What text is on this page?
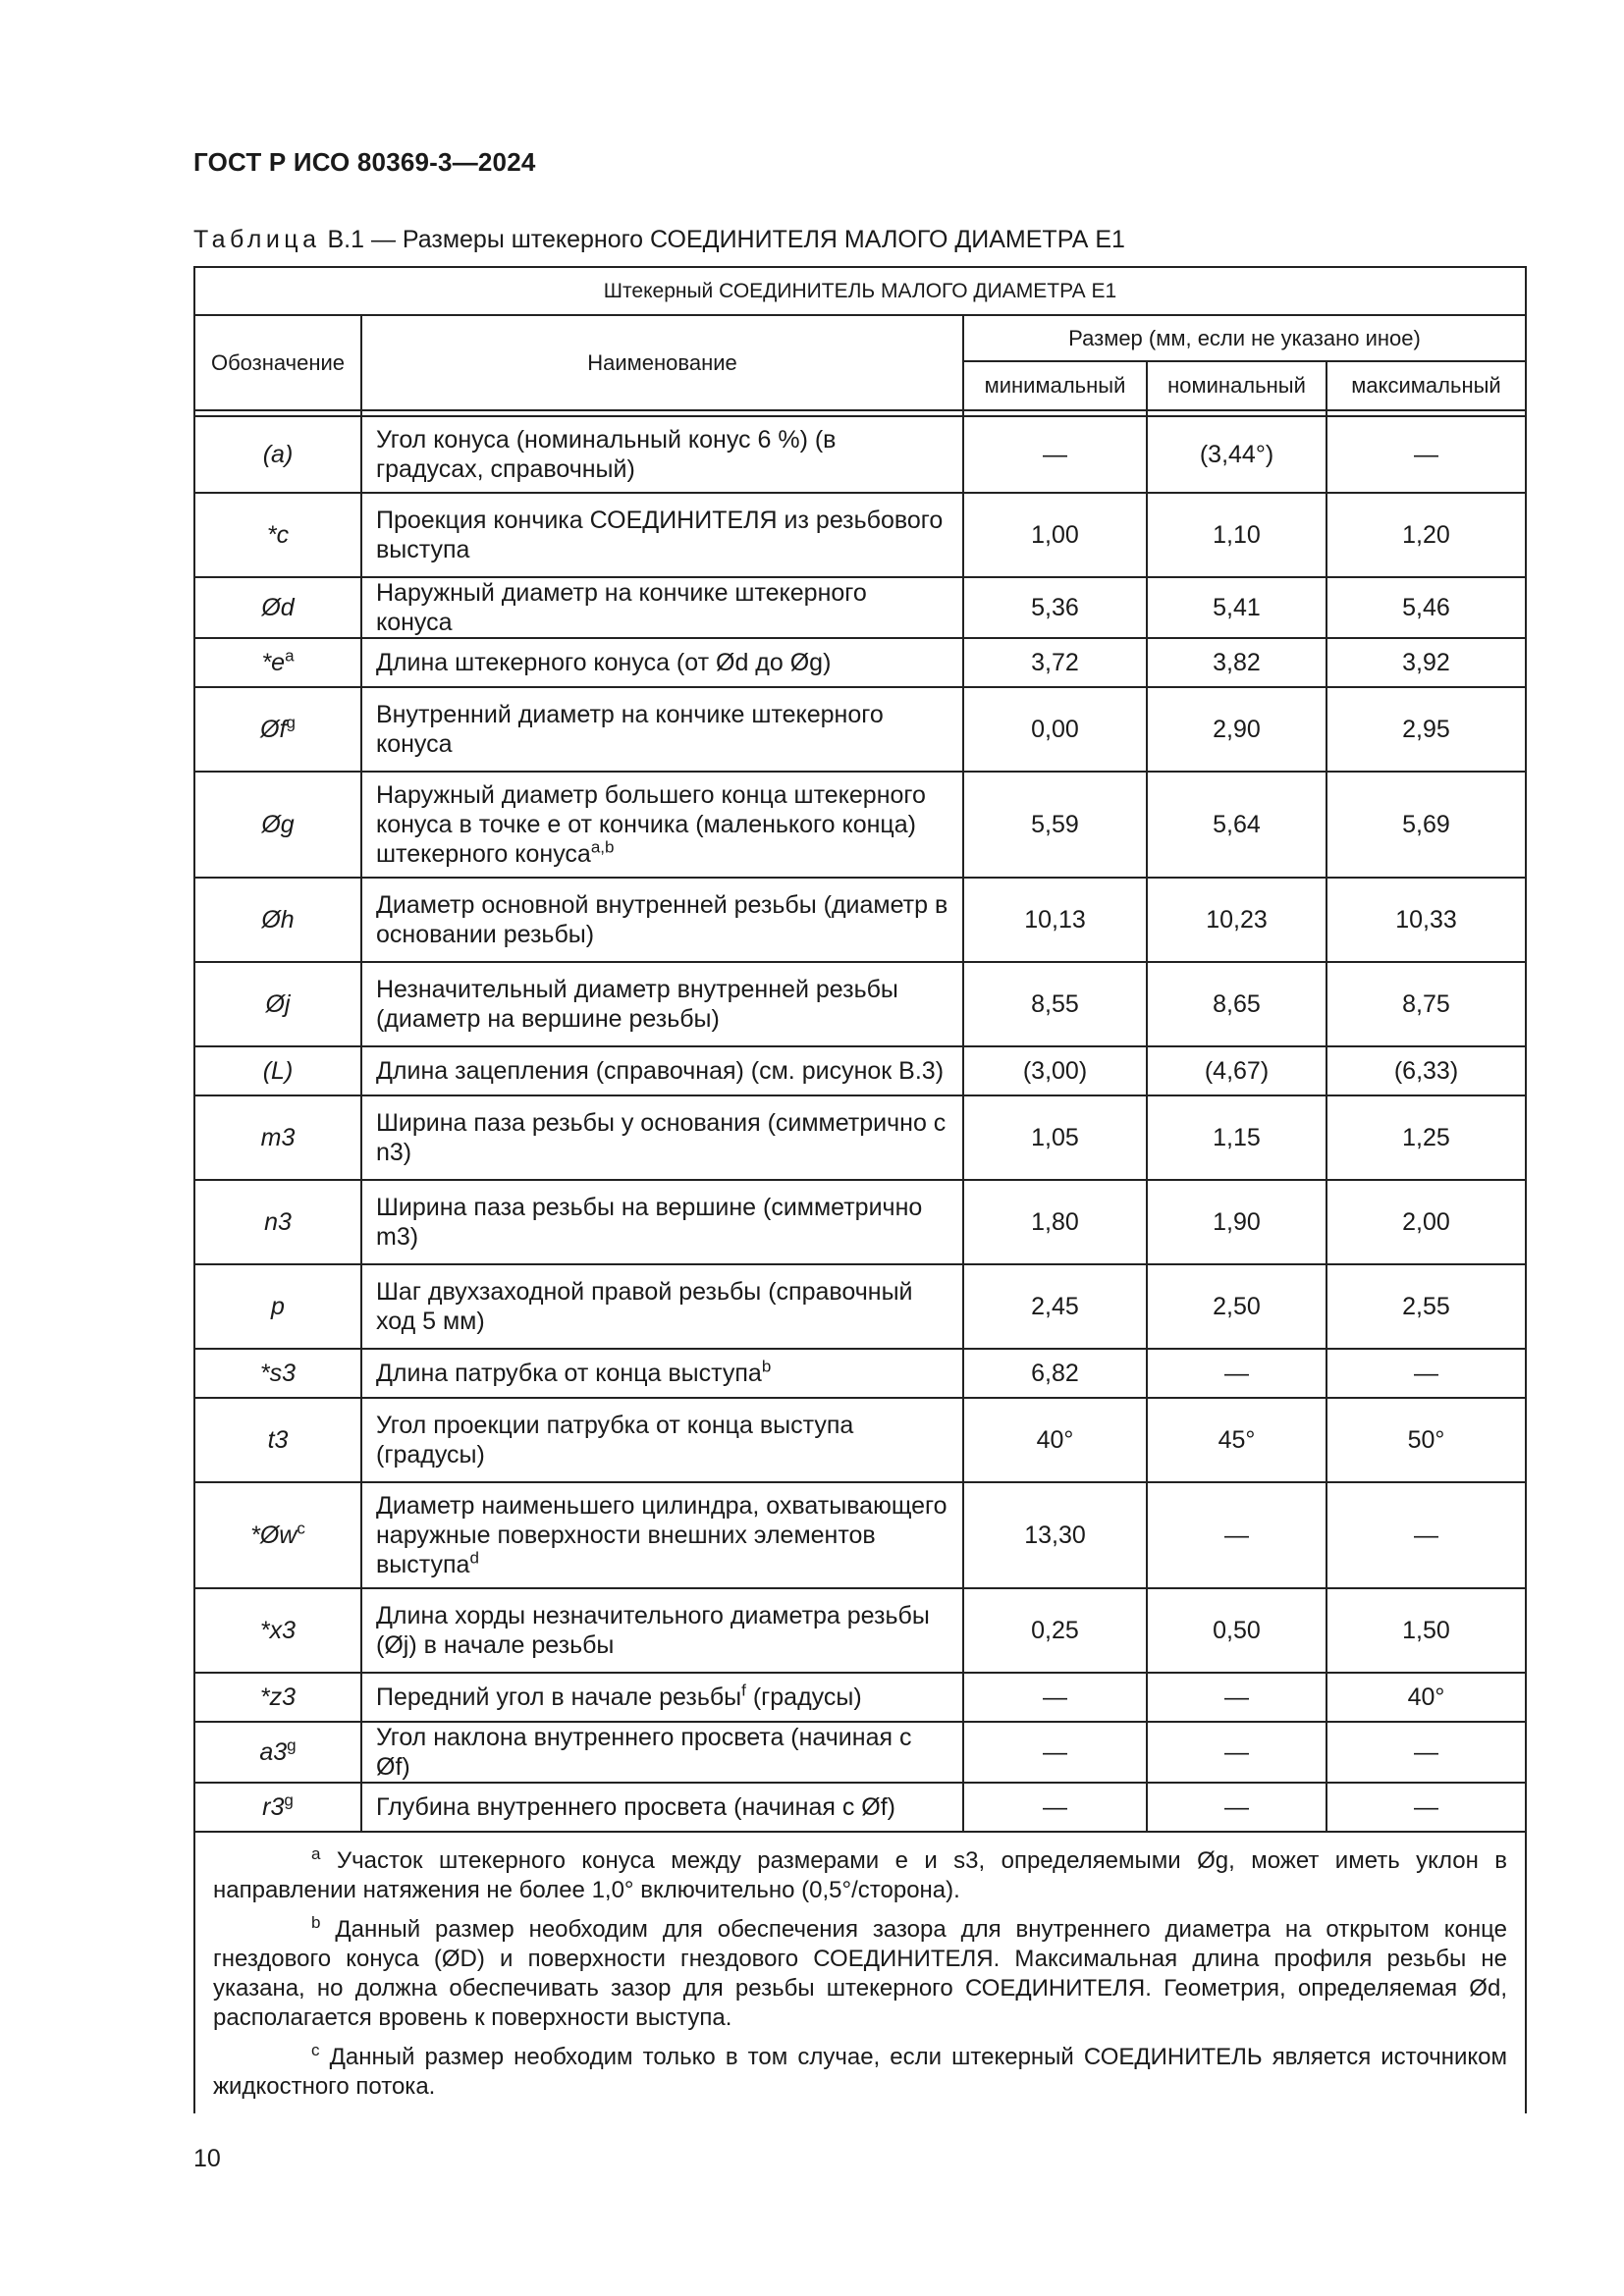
ГОСТ Р ИСО 80369-3—2024
Таблица В.1 — Размеры штекерного СОЕДИНИТЕЛЯ МАЛОГО ДИАМЕТРА Е1
Штекерный СОЕДИНИТЕЛЬ МАЛОГО ДИАМЕТРА Е1				
Обозначение	Наименование	Размер (мм, если не указано иное)		
		минимальный	номинальный	максимальный

(a)	Угол конуса (номинальный конус 6 %) (в градусах, справочный)	—	(3,44°)	—
*c	Проекция кончика СОЕДИНИТЕЛЯ из резьбового выступа	1,00	1,10	1,20
Ød	Наружный диаметр на кончике штекерного конуса	5,36	5,41	5,46
$*e^a$	Длина штекерного конуса (от Ød до Øg)	3,72	3,82	3,92
$Øf^g$	Внутренний диаметр на кончике штекерного конуса	0,00	2,90	2,95
Øg	Наружный диаметр большего конца штекерного конуса в точке e от кончика (маленького конца) штекерного конуса$^{a,b}$	5,59	5,64	5,69
Øh	Диаметр основной внутренней резьбы (диаметр в основании резьбы)	10,13	10,23	10,33
Øj	Незначительный диаметр внутренней резьбы (диаметр на вершине резьбы)	8,55	8,65	8,75
(L)	Длина зацепления (справочная) (см. рисунок В.3)	(3,00)	(4,67)	(6,33)
m3	Ширина паза резьбы у основания (симметрично с n3)	1,05	1,15	1,25
n3	Ширина паза резьбы на вершине (симметрично m3)	1,80	1,90	2,00
p	Шаг двухзаходной правой резьбы (справочный ход 5 мм)	2,45	2,50	2,55
*s3	Длина патрубка от конца выступа$^b$	6,82	—	—
t3	Угол проекции патрубка от конца выступа (градусы)	40°	45°	50°
$*Øw^c$	Диаметр наименьшего цилиндра, охватывающего наружные поверхности внешних элементов выступа$^d$	13,30	—	—
*x3	Длина хорды незначительного диаметра резьбы (Øj) в начале резьбы	0,25	0,50	1,50
*z3	Передний угол в начале резьбы$^f$ (градусы)	—	—	40°
a3$^g$	Угол наклона внутреннего просвета (начиная с Øf)	—	—	—
r3$^g$	Глубина внутреннего просвета (начиная с Øf)	—	—	—

$^a$ Участок штекерного конуса между размерами e и s3, определяемыми Øg, может иметь уклон в направлении натяжения не более 1,0° включительно (0,5°/сторона).

$^b$ Данный размер необходим для обеспечения зазора для внутреннего диаметра на открытом конце гнездового конуса (ØD) и поверхности гнездового СОЕДИНИТЕЛЯ. Максимальная длина профиля резьбы не указана, но должна обеспечивать зазор для резьбы штекерного СОЕДИНИТЕЛЯ. Геометрия, определяемая Ød, располагается вровень к поверхности выступа.

$^c$ Данный размер необходим только в том случае, если штекерный СОЕДИНИТЕЛЬ является источником жидкостного потока.				

10
